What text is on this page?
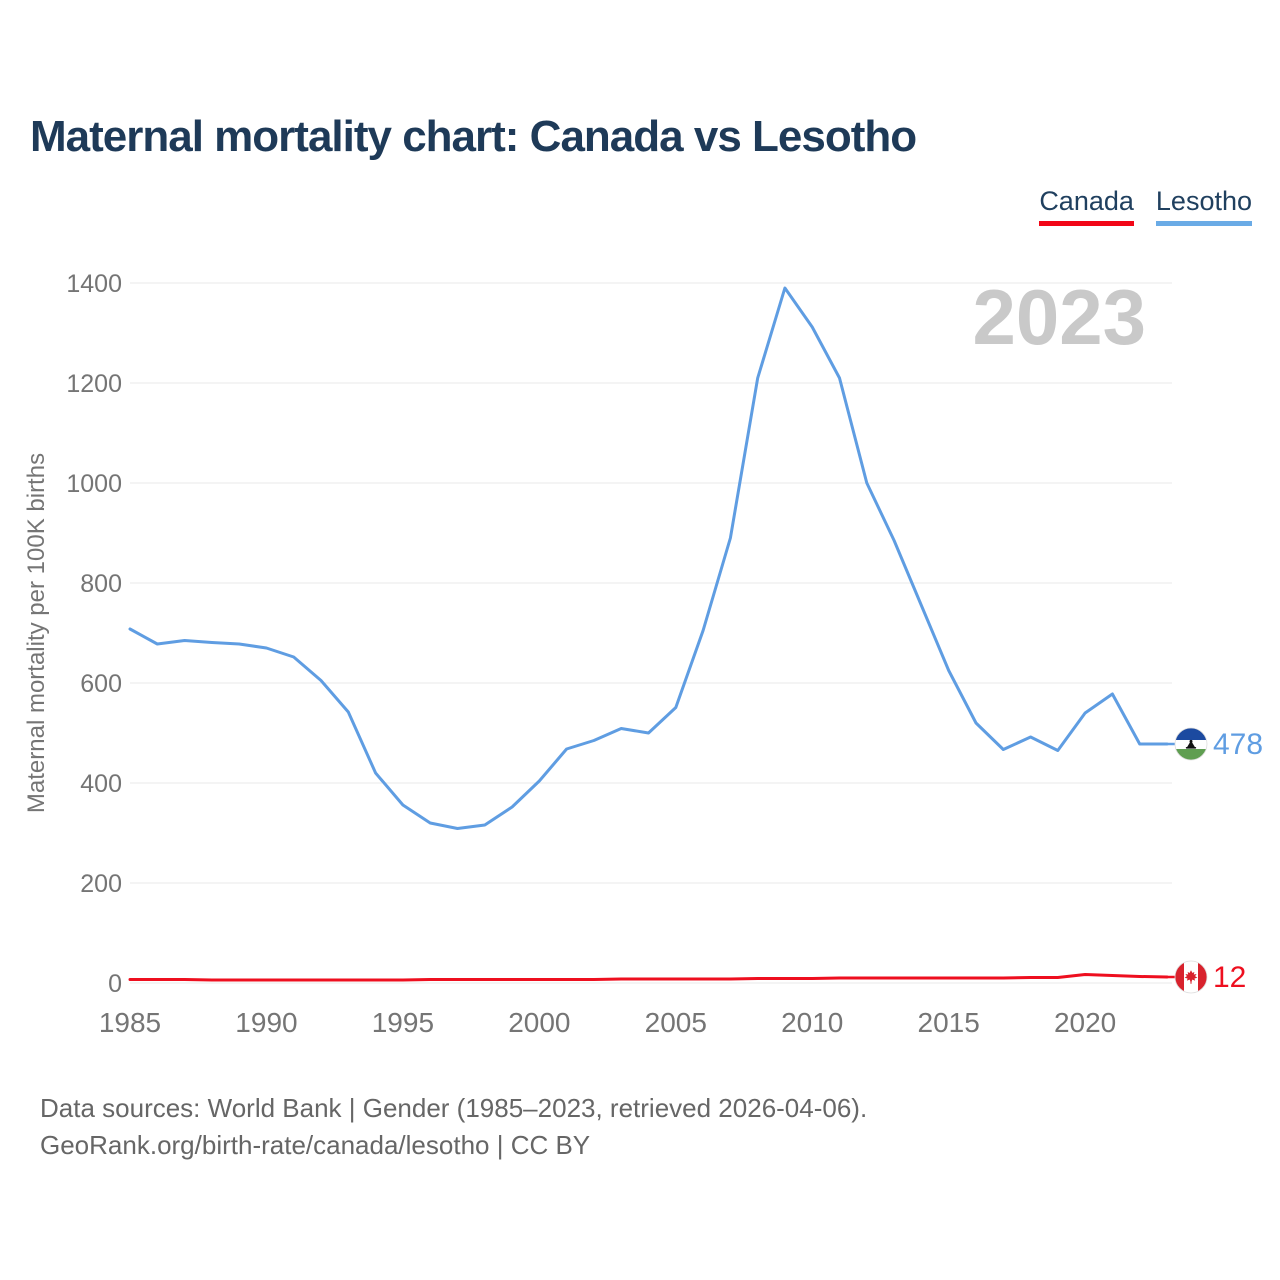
0
200
400
600
800
1000
1200
1400
1985	1990	1995	2000	2005	2010	2015	2020
Maternal mortality per 100K births
2023
12
478
Maternal mortality chart: Canada vs Lesotho
Canada Lesotho
Data sources: World Bank | Gender (1985–2023, retrieved 2026-04-06).
GeoRank.org/birth-rate/canada/lesotho | CC BY
